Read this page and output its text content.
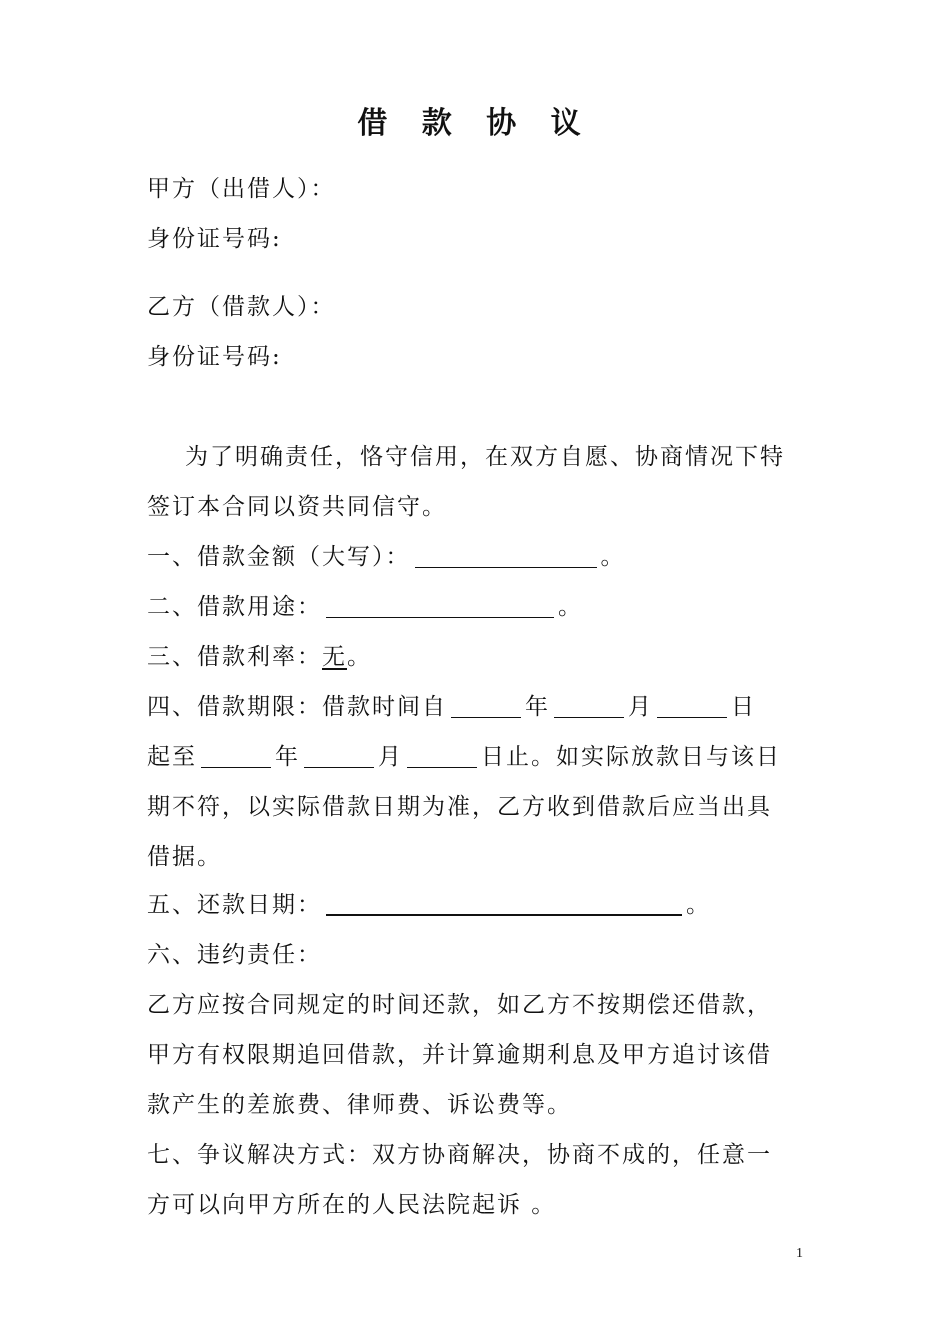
借 款 协 议
甲方（出借人）：
身份证号码:
乙方（借款人）：
身份证号码:
为了明确责任，恪守信用，在双方自愿、协商情况下特
签订本合同以资共同信守。
一、借款金额（大写）：	。
二、借款用途：	。
三、借款利率：无。
四、借款期限：借款时间自	年	月	日
起至	年	月	日止。如实际放款日与该日
期不符，以实际借款日期为准，乙方收到借款后应当出具
借据。
五、还款日期：	。
六、违约责任：
乙方应按合同规定的时间还款，如乙方不按期偿还借款，
甲方有权限期追回借款，并计算逾期利息及甲方追讨该借
款产生的差旅费、律师费、诉讼费等。
七、争议解决方式：双方协商解决，协商不成的，任意一
方可以向甲方所在的人民法院起诉 。
1
